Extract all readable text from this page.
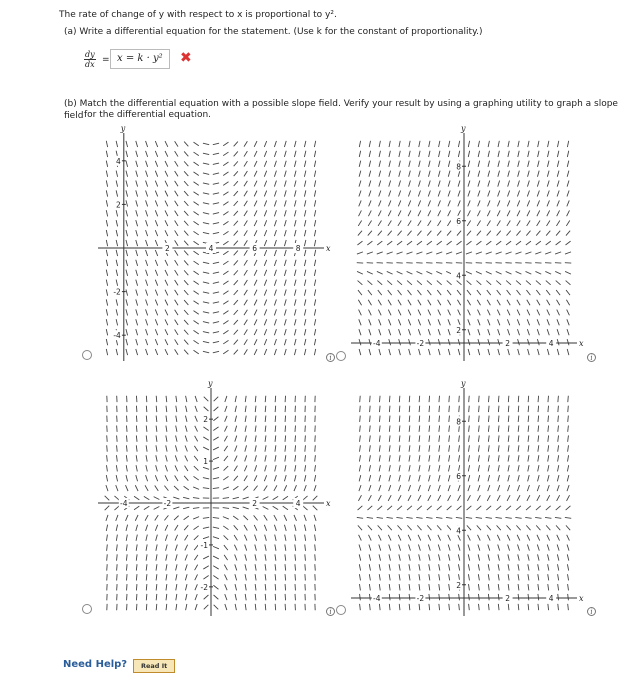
The rate of change of y with respect to x is proportional to y².
(a) Write a differential equation for the statement. (Use k for the constant of proportionality.)
$\frac{dy}{dx} = x = k \cdot y^2$	✖
(b) Match the differential equation with a possible slope field. Verify your result by using a graphing utility to graph a slope field for the differential equation.
x
y
2	4	6	8
4
2
-2
-4
x
y
-4	-2	2	4
8
6
4
2
x
y
-4	-2	2	4
2
1
-1
-2
x
y
-4	-2	2	4
8
6
4
2
i	i
i	i
Need Help?	Read It
